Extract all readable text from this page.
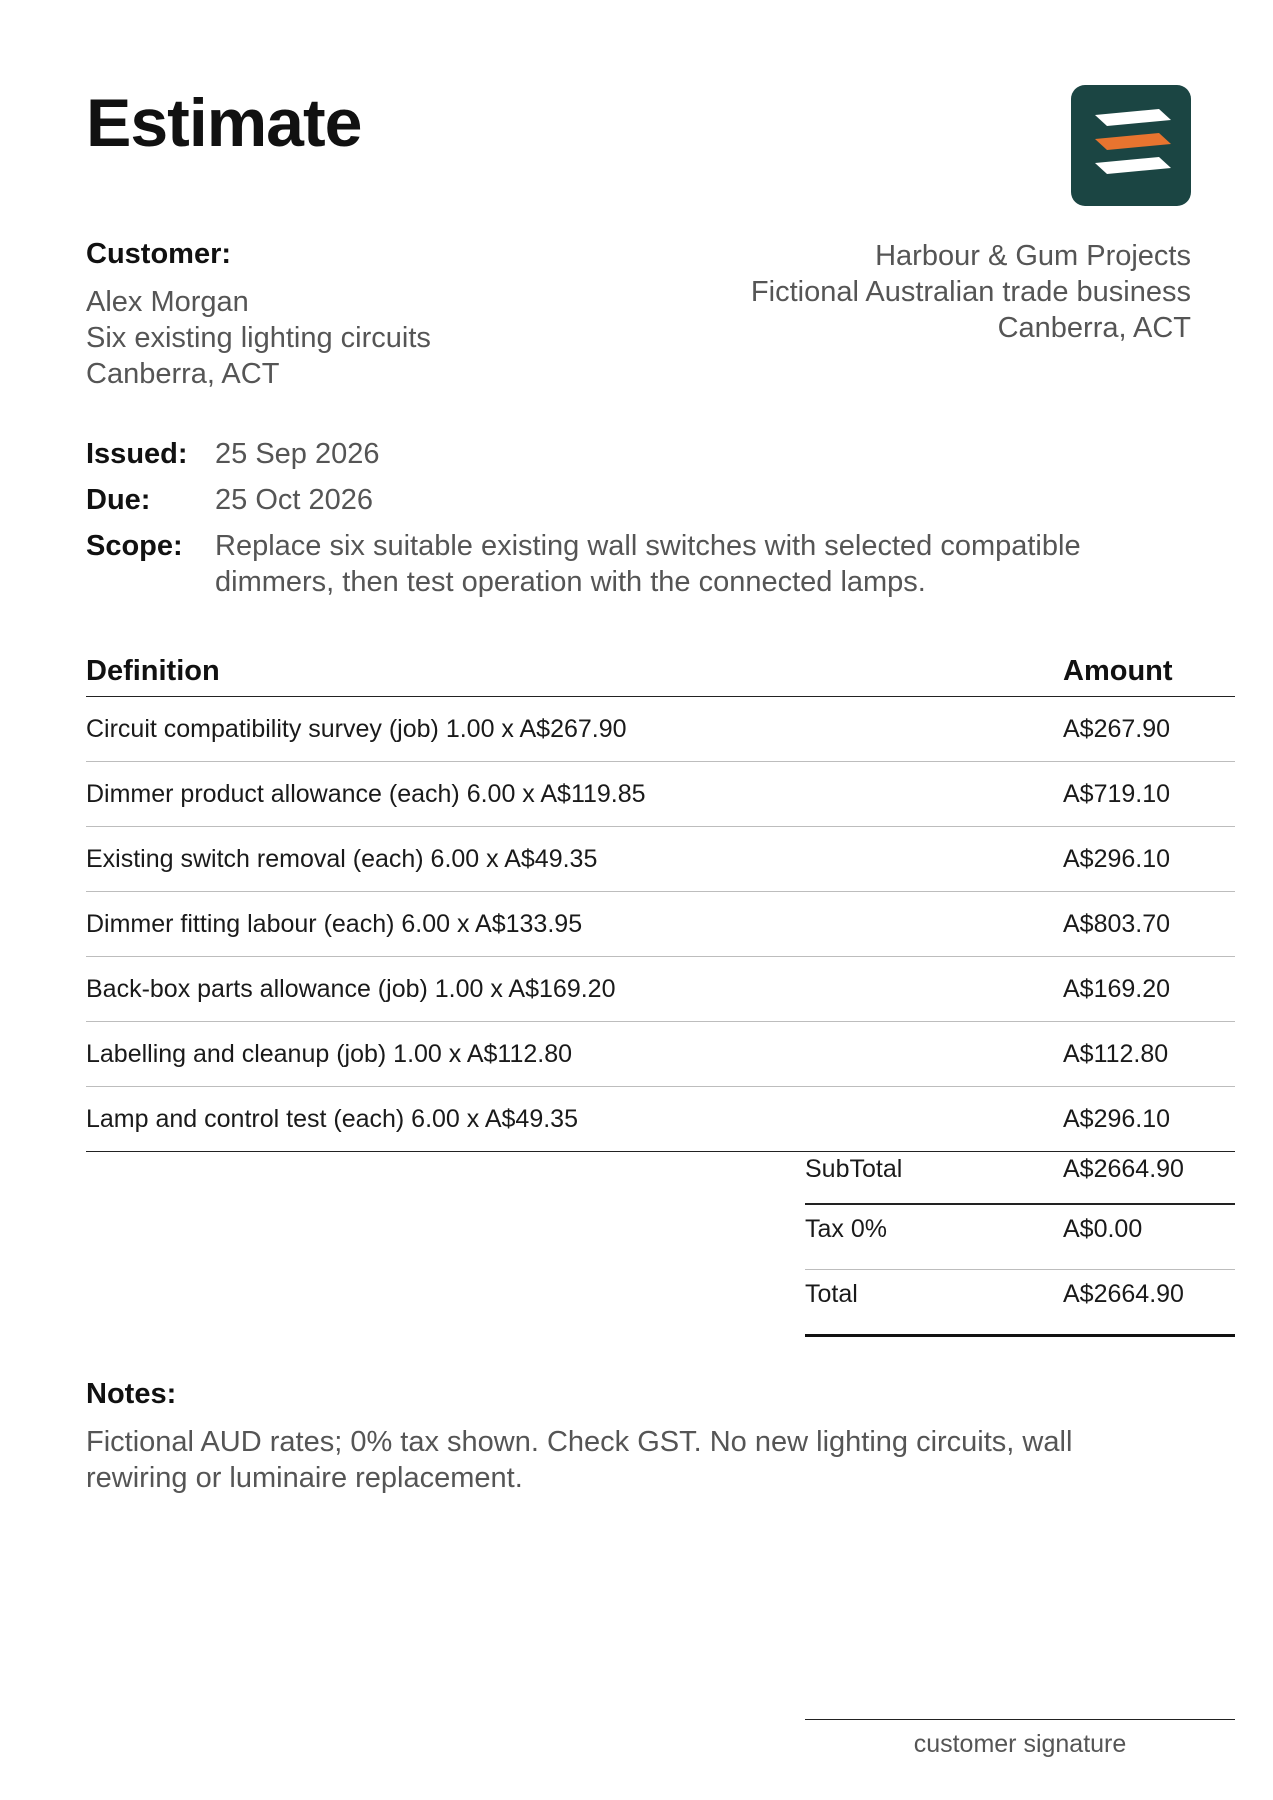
Estimate
Customer:
Alex Morgan
Six existing lighting circuits
Canberra, ACT
Harbour & Gum Projects
Fictional Australian trade business
Canberra, ACT
Issued: 25 Sep 2026
Due: 25 Oct 2026
Scope: Replace six suitable existing wall switches with selected compatible dimmers, then test operation with the connected lamps.
Definition	Amount
Circuit compatibility survey (job) 1.00 x A$267.90	A$267.90
Dimmer product allowance (each) 6.00 x A$119.85	A$719.10
Existing switch removal (each) 6.00 x A$49.35	A$296.10
Dimmer fitting labour (each) 6.00 x A$133.95	A$803.70
Back-box parts allowance (job) 1.00 x A$169.20	A$169.20
Labelling and cleanup (job) 1.00 x A$112.80	A$112.80
Lamp and control test (each) 6.00 x A$49.35	A$296.10
SubTotal	A$2664.90
Tax 0%	A$0.00
Total	A$2664.90
Notes:
Fictional AUD rates; 0% tax shown. Check GST. No new lighting circuits, wall rewiring or luminaire replacement.
customer signature
